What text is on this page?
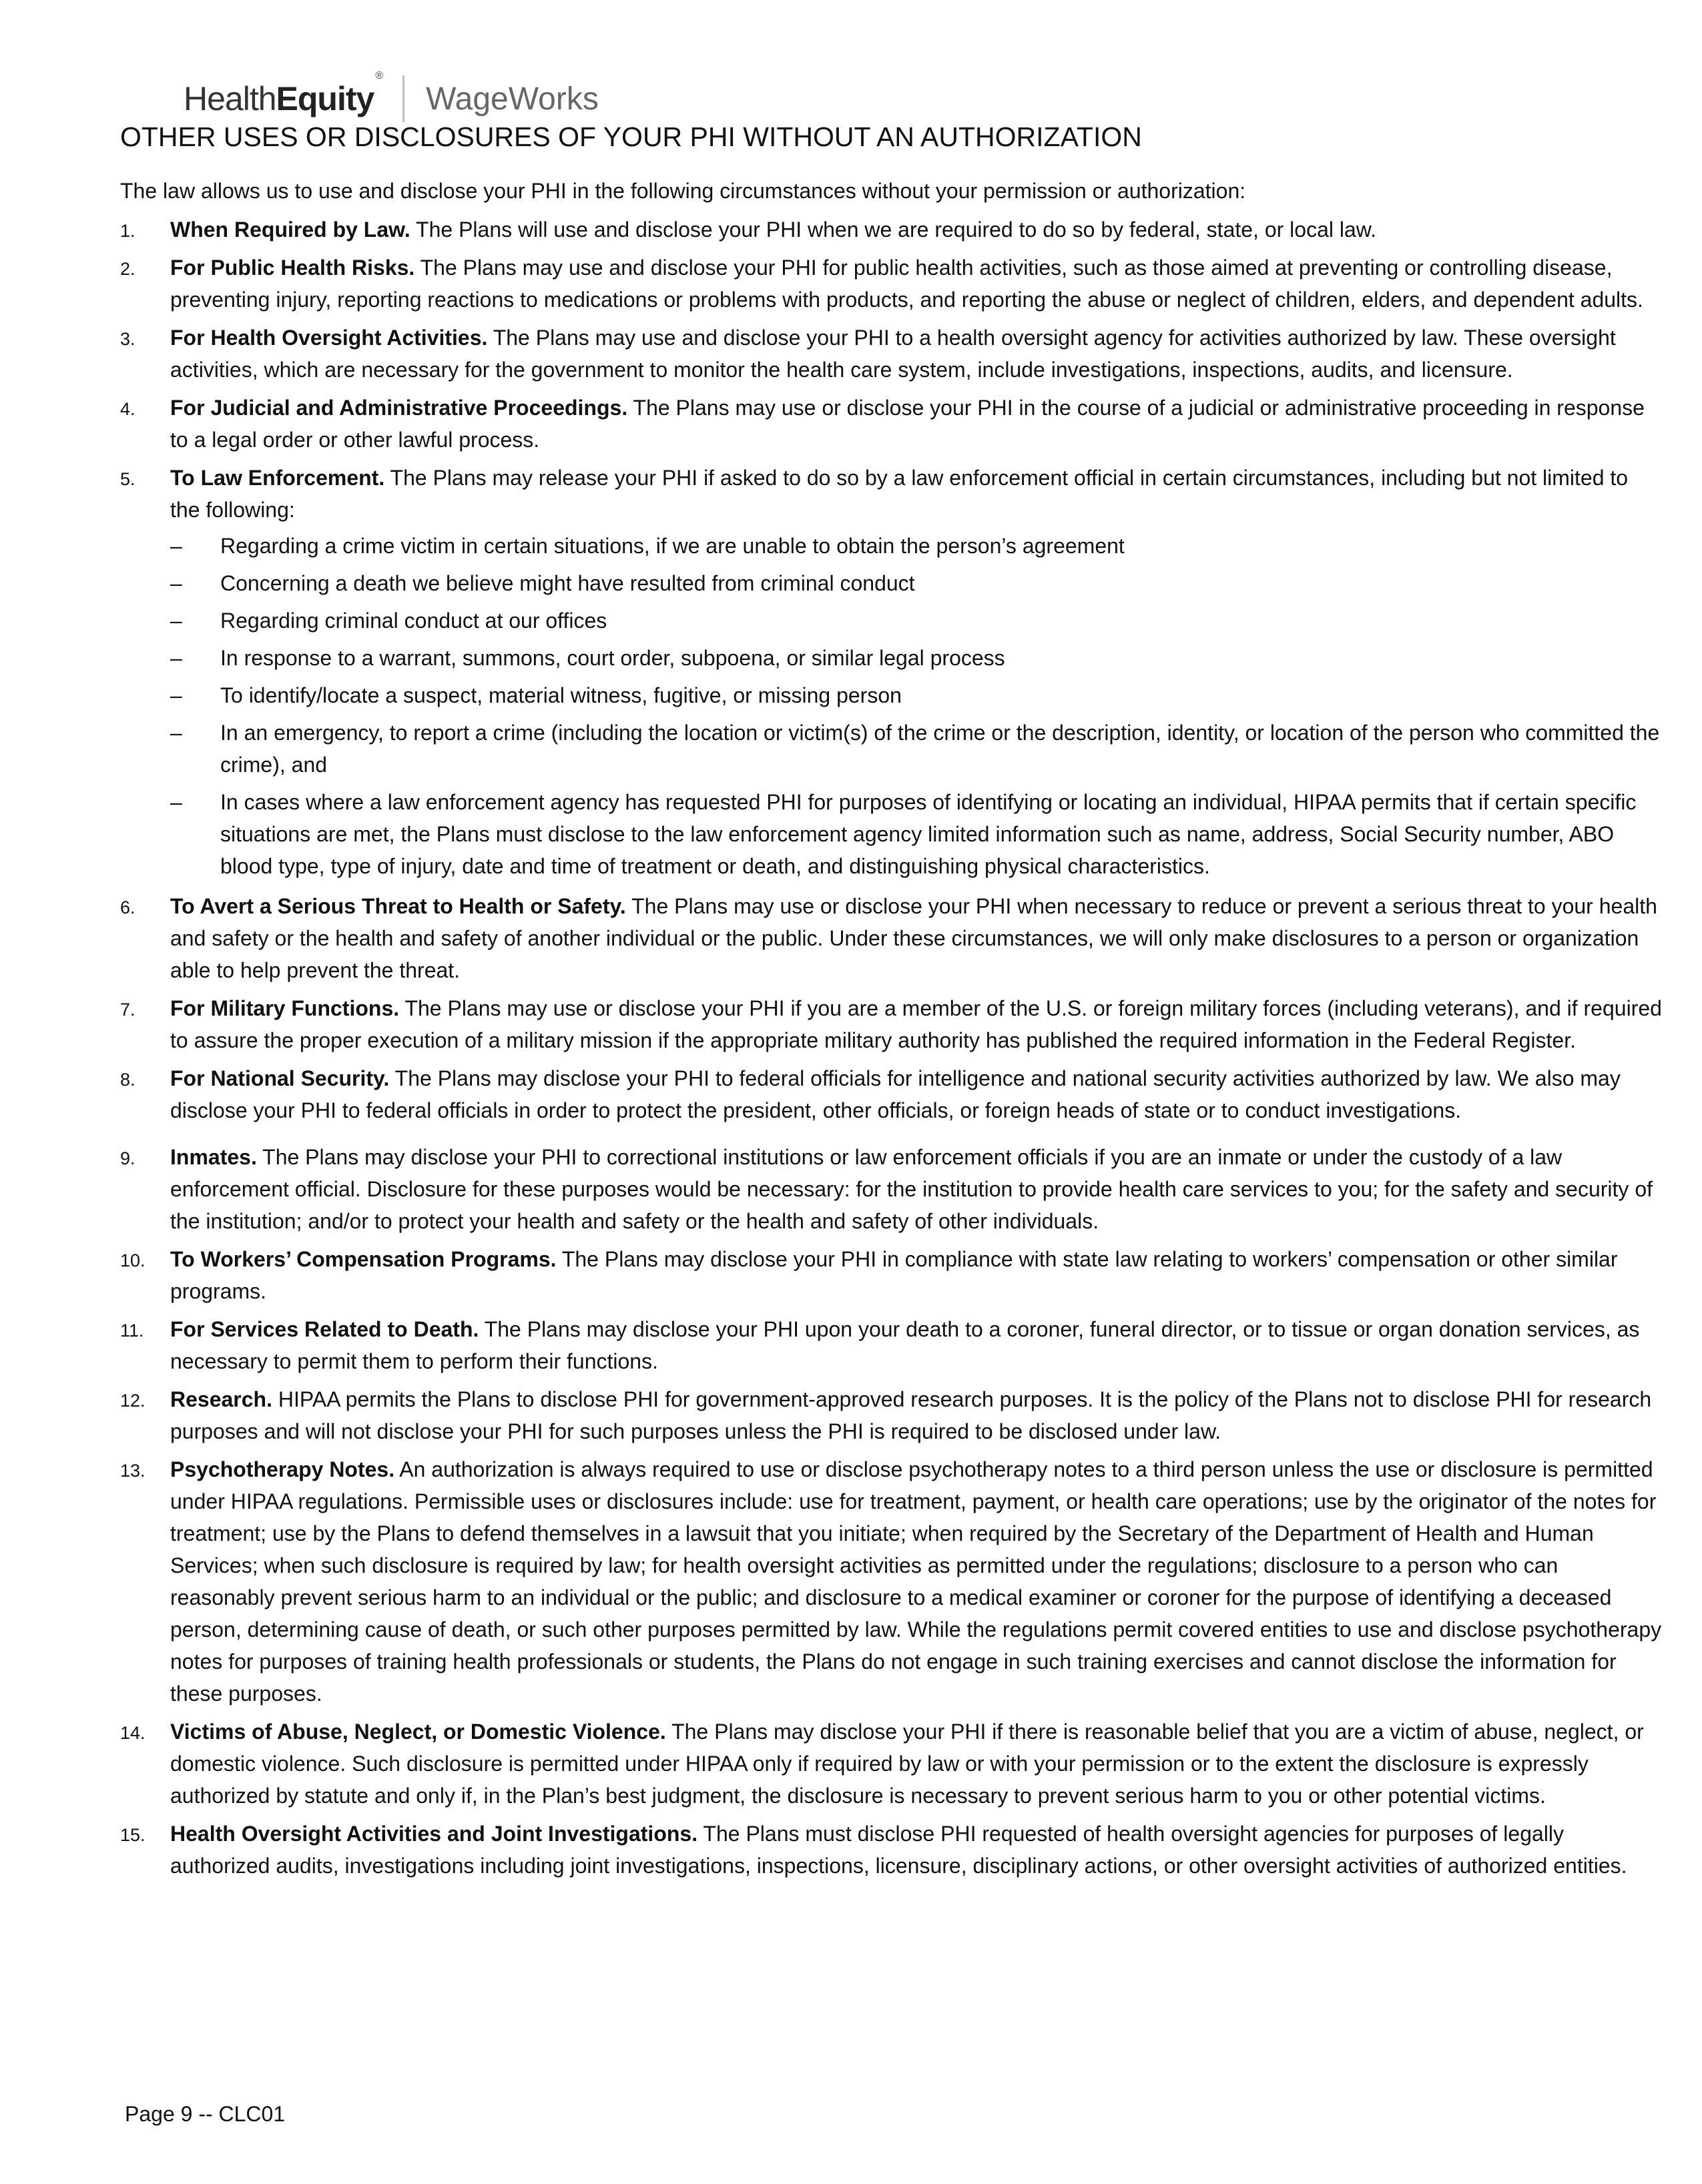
HealthEquity®
WageWorks
OTHER USES OR DISCLOSURES OF YOUR PHI WITHOUT AN AUTHORIZATION

The law allows us to use and disclose your PHI in the following circumstances without your permission or authorization:

1. When Required by Law. The Plans will use and disclose your PHI when we are required to do so by federal, state, or local law.
2. For Public Health Risks. The Plans may use and disclose your PHI for public health activities, such as those aimed at preventing or controlling disease, preventing injury, reporting reactions to medications or problems with products, and reporting the abuse or neglect of children, elders, and dependent adults.
3. For Health Oversight Activities. The Plans may use and disclose your PHI to a health oversight agency for activities authorized by law. These oversight activities, which are necessary for the government to monitor the health care system, include investigations, inspections, audits, and licensure.
4. For Judicial and Administrative Proceedings. The Plans may use or disclose your PHI in the course of a judicial or administrative proceeding in response to a legal order or other lawful process.
5. To Law Enforcement. The Plans may release your PHI if asked to do so by a law enforcement official in certain circumstances, including but not limited to the following:
– Regarding a crime victim in certain situations, if we are unable to obtain the person’s agreement
– Concerning a death we believe might have resulted from criminal conduct
– Regarding criminal conduct at our offices
– In response to a warrant, summons, court order, subpoena, or similar legal process
– To identify/locate a suspect, material witness, fugitive, or missing person
– In an emergency, to report a crime (including the location or victim(s) of the crime or the description, identity, or location of the person who committed the crime), and
– In cases where a law enforcement agency has requested PHI for purposes of identifying or locating an individual, HIPAA permits that if certain specific situations are met, the Plans must disclose to the law enforcement agency limited information such as name, address, Social Security number, ABO blood type, type of injury, date and time of treatment or death, and distinguishing physical characteristics.
6. To Avert a Serious Threat to Health or Safety. The Plans may use or disclose your PHI when necessary to reduce or prevent a serious threat to your health and safety or the health and safety of another individual or the public. Under these circumstances, we will only make disclosures to a person or organization able to help prevent the threat.
7. For Military Functions. The Plans may use or disclose your PHI if you are a member of the U.S. or foreign military forces (including veterans), and if required to assure the proper execution of a military mission if the appropriate military authority has published the required information in the Federal Register.
8. For National Security. The Plans may disclose your PHI to federal officials for intelligence and national security activities authorized by law. We also may disclose your PHI to federal officials in order to protect the president, other officials, or foreign heads of state or to conduct investigations.
9. Inmates. The Plans may disclose your PHI to correctional institutions or law enforcement officials if you are an inmate or under the custody of a law enforcement official. Disclosure for these purposes would be necessary: for the institution to provide health care services to you; for the safety and security of the institution; and/or to protect your health and safety or the health and safety of other individuals.
10. To Workers’ Compensation Programs. The Plans may disclose your PHI in compliance with state law relating to workers’ compensation or other similar programs.
11. For Services Related to Death. The Plans may disclose your PHI upon your death to a coroner, funeral director, or to tissue or organ donation services, as necessary to permit them to perform their functions.
12. Research. HIPAA permits the Plans to disclose PHI for government-approved research purposes. It is the policy of the Plans not to disclose PHI for research purposes and will not disclose your PHI for such purposes unless the PHI is required to be disclosed under law.
13. Psychotherapy Notes. An authorization is always required to use or disclose psychotherapy notes to a third person unless the use or disclosure is permitted under HIPAA regulations. Permissible uses or disclosures include: use for treatment, payment, or health care operations; use by the originator of the notes for treatment; use by the Plans to defend themselves in a lawsuit that you initiate; when required by the Secretary of the Department of Health and Human Services; when such disclosure is required by law; for health oversight activities as permitted under the regulations; disclosure to a person who can reasonably prevent serious harm to an individual or the public; and disclosure to a medical examiner or coroner for the purpose of identifying a deceased person, determining cause of death, or such other purposes permitted by law. While the regulations permit covered entities to use and disclose psychotherapy notes for purposes of training health professionals or students, the Plans do not engage in such training exercises and cannot disclose the information for these purposes.
14. Victims of Abuse, Neglect, or Domestic Violence. The Plans may disclose your PHI if there is reasonable belief that you are a victim of abuse, neglect, or domestic violence. Such disclosure is permitted under HIPAA only if required by law or with your permission or to the extent the disclosure is expressly authorized by statute and only if, in the Plan’s best judgment, the disclosure is necessary to prevent serious harm to you or other potential victims.
15. Health Oversight Activities and Joint Investigations. The Plans must disclose PHI requested of health oversight agencies for purposes of legally authorized audits, investigations including joint investigations, inspections, licensure, disciplinary actions, or other oversight activities of authorized entities.
Page 9 -- CLC01
